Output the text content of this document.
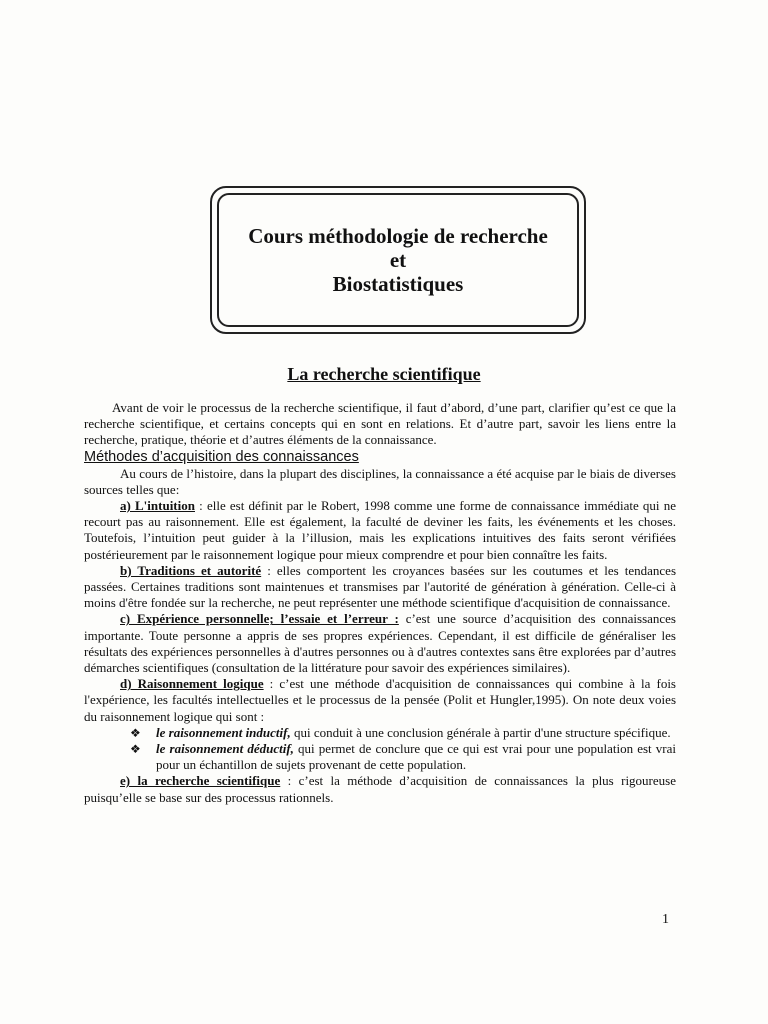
Cours méthodologie de recherche
et
Biostatistiques
La recherche scientifique

Avant de voir le processus de la recherche scientifique, il faut d’abord, d’une part, clarifier qu’est ce que la recherche scientifique, et certains concepts qui en sont en relations. Et d’autre part, savoir les liens entre la recherche, pratique, théorie et d’autres éléments de la connaissance.

Méthodes d’acquisition des connaissances

Au cours de l’histoire, dans la plupart des disciplines, la connaissance a été acquise par le biais de diverses sources telles que:

a) L'intuition : elle est définit par le Robert, 1998 comme une forme de connaissance immédiate qui ne recourt pas au raisonnement. Elle est également, la faculté de deviner les faits, les événements et les choses. Toutefois, l’intuition peut guider à la l’illusion, mais les explications intuitives des faits seront vérifiées postérieurement par le raisonnement logique pour mieux comprendre et pour bien connaître les faits.

b) Traditions et autorité : elles comportent les croyances basées sur les coutumes et les tendances passées. Certaines traditions sont maintenues et transmises par l'autorité de génération à génération. Celle-ci à moins d'être fondée sur la recherche, ne peut représenter une méthode scientifique d'acquisition de connaissance.

c) Expérience personnelle; l’essaie et l’erreur : c’est une source d’acquisition des connaissances importante. Toute personne a appris de ses propres expériences. Cependant, il est difficile de généraliser les résultats des expériences personnelles à d'autres personnes ou à d'autres contextes sans être explorées par d’autres démarches scientifiques (consultation de la littérature pour savoir des expériences similaires).

d) Raisonnement logique : c’est une méthode d'acquisition de connaissances qui combine à la fois l'expérience, les facultés intellectuelles et le processus de la pensée (Polit et Hungler,1995). On note deux voies du raisonnement logique qui sont :

❖ le raisonnement inductif, qui conduit à une conclusion générale à partir d'une structure spécifique.

❖ le raisonnement déductif, qui permet de conclure que ce qui est vrai pour une population est vrai pour un échantillon de sujets provenant de cette population.

e) la recherche scientifique : c’est la méthode d’acquisition de connaissances la plus rigoureuse puisqu’elle se base sur des processus rationnels.

1
